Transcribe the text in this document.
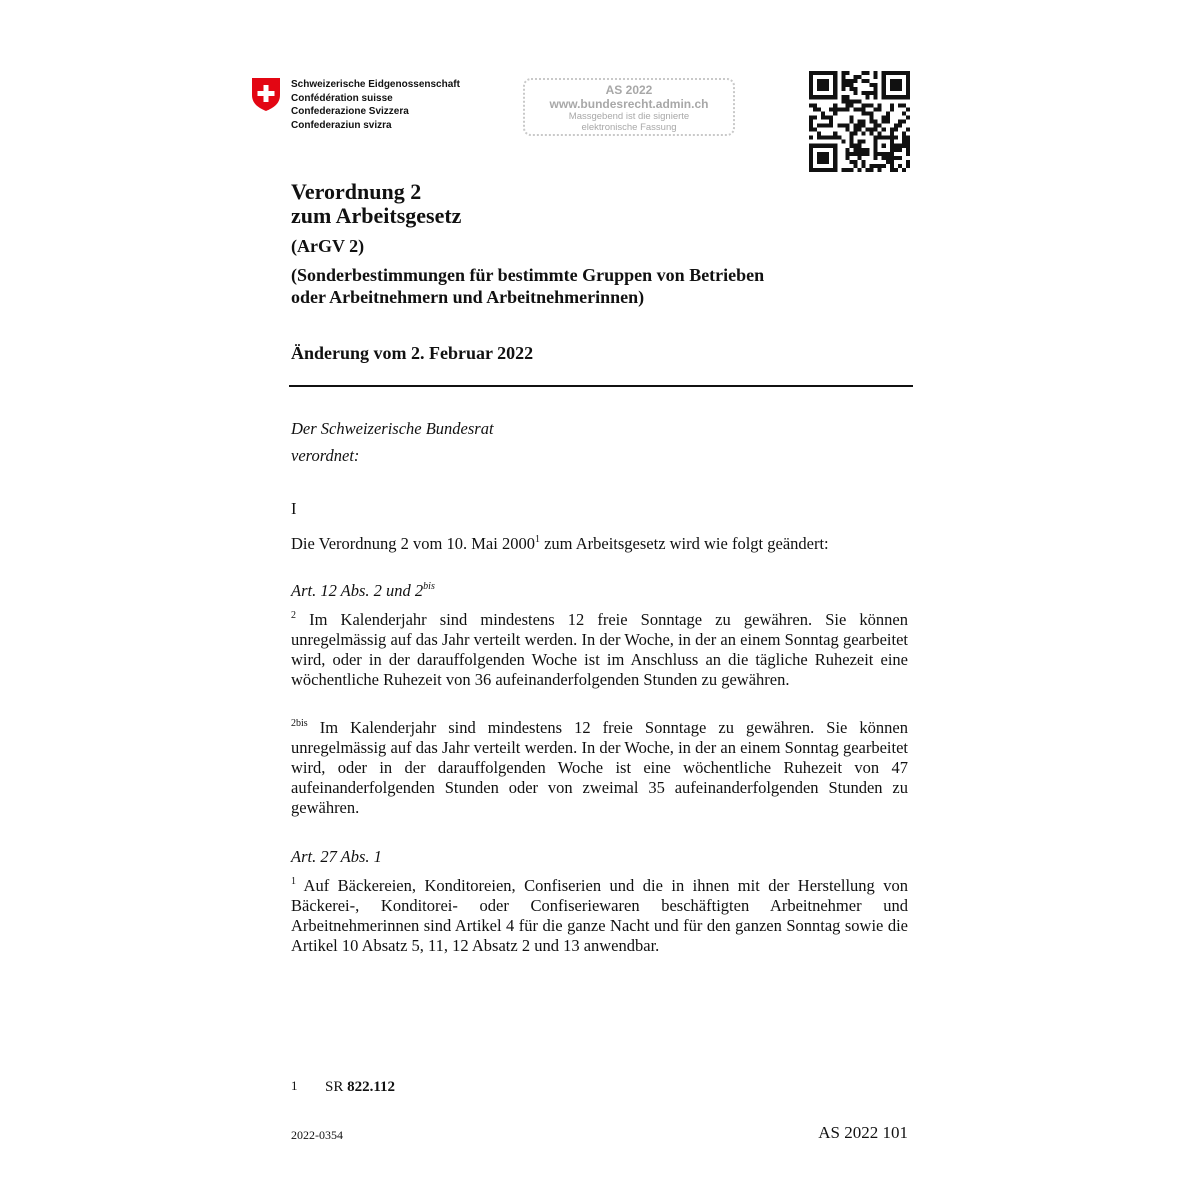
Schweizerische Eidgenossenschaft
Confédération suisse
Confederazione Svizzera
Confederaziun svizra
AS 2022
www.bundesrecht.admin.ch
Massgebend ist die signierte
elektronische Fassung
Verordnung 2
zum Arbeitsgesetz
(ArGV 2)
(Sonderbestimmungen für bestimmte Gruppen von Betrieben
oder Arbeitnehmern und Arbeitnehmerinnen)
Änderung vom 2. Februar 2022
Der Schweizerische Bundesrat
verordnet:
I
Die Verordnung 2 vom 10. Mai 2000$^1$ zum Arbeitsgesetz wird wie folgt geändert:
Art. 12 Abs. 2 und $2^{bis}$
$^2$ Im Kalenderjahr sind mindestens 12 freie Sonntage zu gewähren. Sie können unregelmässig auf das Jahr verteilt werden. In der Woche, in der an einem Sonntag gearbeitet wird, oder in der darauffolgenden Woche ist im Anschluss an die tägliche Ruhezeit eine wöchentliche Ruhezeit von 36 aufeinanderfolgenden Stunden zu gewähren.
$^{2bis}$ Im Kalenderjahr sind mindestens 12 freie Sonntage zu gewähren. Sie können unregelmässig auf das Jahr verteilt werden. In der Woche, in der an einem Sonntag gearbeitet wird, oder in der darauffolgenden Woche ist eine wöchentliche Ruhezeit von 47 aufeinanderfolgenden Stunden oder von zweimal 35 aufeinanderfolgenden Stunden zu gewähren.
Art. 27 Abs. 1
$^1$ Auf Bäckereien, Konditoreien, Confiserien und die in ihnen mit der Herstellung von Bäckerei-, Konditorei- oder Confiseriewaren beschäftigten Arbeitnehmer und Arbeitnehmerinnen sind Artikel 4 für die ganze Nacht und für den ganzen Sonntag sowie die Artikel 10 Absatz 5, 11, 12 Absatz 2 und 13 anwendbar.
1 SR 822.112
2022-0354	AS 2022 101
